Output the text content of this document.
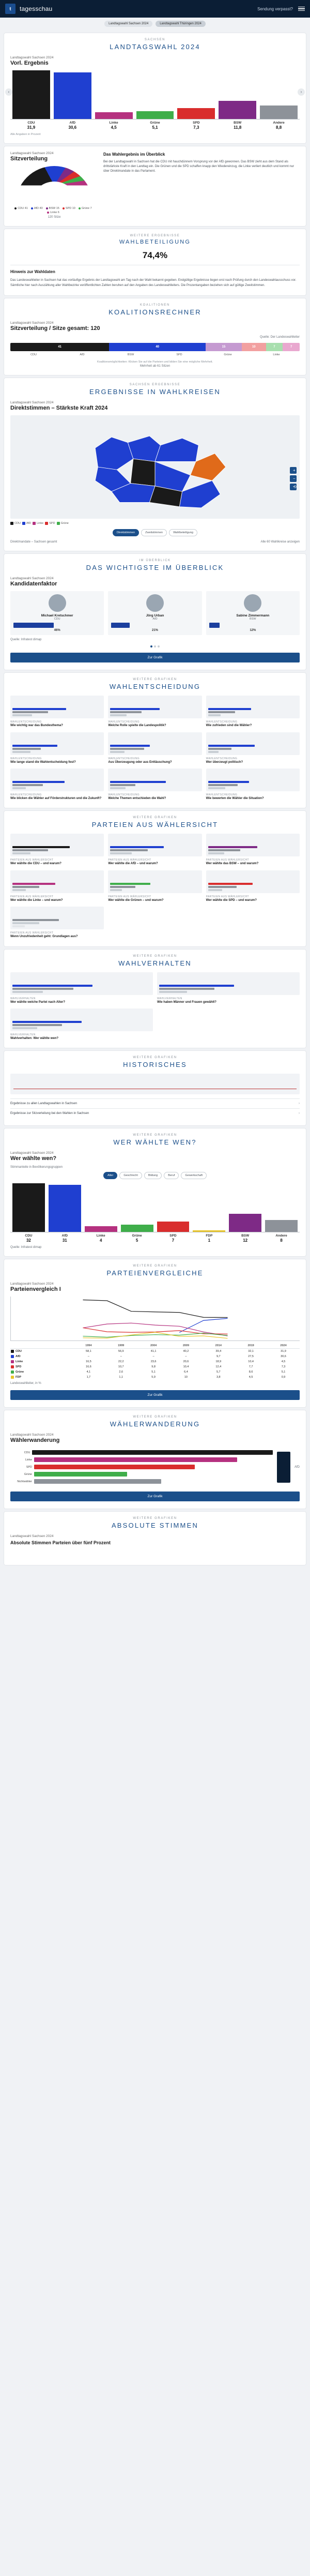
t tagesschau	Sendung verpasst?
Landtagswahl Sachsen 2024	Landtagswahl Thüringen 2024
SACHSEN
LANDTAGSWAHL 2024
Landtagswahl Sachsen 2024
Vorl. Ergebnis
CDU
31,9
AfD
30,6
Linke
4,5
Grüne
5,1
SPD
7,3
BSW
11,8
Andere
8,8
Alle Angaben in Prozent
‹	›
Landtagswahl Sachsen 2024
Sitzverteilung
CDU 41 AfD 40 BSW 15 SPD 10 Grüne 7
Linke 6
120 Sitze
Das Wahlergebnis im Überblick
Bei der Landtagswahl in Sachsen hat die CDU mit hauchdünnem Vorsprung vor der AfD gewonnen. Das BSW zieht aus dem Stand als drittstärkste Kraft in den Landtag ein. Die Grünen und die SPD schaffen knapp den Wiedereinzug, die Linke verliert deutlich und kommt nur über Direktmandate in das Parlament.
WEITERE ERGEBNISSE
WAHLBETEILIGUNG
74,4%
Hinweis zur Wahldaten
Das Landeswahlleiter in Sachsen hat das vorläufige Ergebnis der Landtagswahl am Tag nach der Wahl bekannt gegeben. Endgültige Ergebnisse liegen erst nach Prüfung durch den Landeswahlausschuss vor. Sämtliche hier nach Auszählung aller Wahlbezirke veröffentlichten Zahlen beruhen auf den Angaben des Landeswahlleiters. Die Prozentangaben beziehen sich auf gültige Zweitstimmen.
KOALITIONEN
KOALITIONSRECHNER
Landtagswahl Sachsen 2024
Sitzverteilung / Sitze gesamt: 120
Quelle: Der Landeswahlleiter
41	40	15	10	7	7
CDU	AfD	BSW	SPD	Grüne	Linke
Koalitionsmöglichkeiten: Klicken Sie auf die Parteien und bilden Sie eine mögliche Mehrheit.
Mehrheit ab 61 Sitzen
SACHSEN ERGEBNISSE
ERGEBNISSE IN WAHLKREISEN
Landtagswahl Sachsen 2024
Direktstimmen – Stärkste Kraft 2024
+
−
⟲
CDU AfD Linke SPD Grüne
Direktstimmen	Zweitstimmen	Wahlbeteiligung
Direktmandate – Sachsen gesamt	Alle 60 Wahlkreise anzeigen
IM ÜBERBLICK
DAS WICHTIGSTE IM ÜBERBLICK
Landtagswahl Sachsen 2024
Kandidatenfaktor
Michael Kretschmer
CDU
46%
Jörg Urban
AfD
21%
Sabine Zimmermann
BSW
12%
Quelle: Infratest dimap
Zur Grafik
WEITERE GRAFIKEN
WAHLENTSCHEIDUNG
WAHLENTSCHEIDUNG
Wie wichtig war das Bundesthema?
WAHLENTSCHEIDUNG
Welche Rolle spielte die Landespolitik?
WAHLENTSCHEIDUNG
Wie zufrieden sind die Wähler?
WAHLENTSCHEIDUNG
Wie lange stand die Wahlentscheidung fest?
WAHLENTSCHEIDUNG
Aus Überzeugung oder aus Enttäuschung?
WAHLENTSCHEIDUNG
Wer überzeugt politisch?
WAHLENTSCHEIDUNG
Wie blicken die Wähler auf Förderstrukturen und die Zukunft?
WAHLENTSCHEIDUNG
Welche Themen entschieden die Wahl?
WAHLENTSCHEIDUNG
Wie bewerten die Wähler die Situation?
WEITERE GRAFIKEN
PARTEIEN AUS WÄHLERSICHT
PARTEIEN AUS WÄHLERSICHT
Wer wählte die CDU – und warum?
PARTEIEN AUS WÄHLERSICHT
Wer wählte die AfD – und warum?
PARTEIEN AUS WÄHLERSICHT
Wer wählte das BSW – und warum?
PARTEIEN AUS WÄHLERSICHT
Wer wählte die Linke – und warum?
PARTEIEN AUS WÄHLERSICHT
Wer wählte die Grünen – und warum?
PARTEIEN AUS WÄHLERSICHT
Wer wählte die SPD – und warum?
PARTEIEN AUS WÄHLERSICHT
Wenn Unzufriedenheit geht: Grundlagen aus?
WEITERE GRAFIKEN
WAHLVERHALTEN
WAHLVERHALTEN
Wer wählte welche Partei nach Alter?
WAHLVERHALTEN
Wie haben Männer und Frauen gewählt?
WAHLVERHALTEN
Wahlverhalten: Wer wählte wen?
WEITERE GRAFIKEN
HISTORISCHES
Ergebnisse zu allen Landtagswahlen in Sachsen	›
Ergebnisse zur Sitzverteilung bei den Wahlen in Sachsen	›
WEITERE GRAFIKEN
WER WÄHLTE WEN?
Landtagswahl Sachsen 2024
Wer wählte wen?
Stimmanteile in Bevölkerungsgruppen
Alter	Geschlecht	Bildung	Beruf	Gewerkschaft
CDU
32
AfD
31
Linke
4
Grüne
5
SPD
7
FDP
1
BSW
12
Andere
8
Quelle: Infratest dimap
WEITERE GRAFIKEN
PARTEIENVERGLEICHE
Landtagswahl Sachsen 2024
Parteienvergleich I
	1994	1999	2004	2009	2014	2019	2024

CDU	58,1	56,9	41,1	40,2	39,4	32,1	31,9

AfD	–	–	–	–	9,7	27,5	30,6

Linke	16,5	22,2	23,6	20,6	18,9	10,4	4,5

SPD	16,6	10,7	9,8	10,4	12,4	7,7	7,3

Grüne	4,1	2,6	5,1	6,4	5,7	8,6	5,1

FDP	1,7	1,1	5,9	10	3,8	4,5	0,9
Landeswahlleiter, in %
Zur Grafik
WEITERE GRAFIKEN
WÄHLERWANDERUNG
Landtagswahl Sachsen 2024
Wählerwanderung
CDU
Linke
SPD
Grüne
Nichtwähler
AfD
Zur Grafik
WEITERE GRAFIKEN
ABSOLUTE STIMMEN
Landtagswahl Sachsen 2024
Absolute Stimmen Parteien über fünf Prozent
